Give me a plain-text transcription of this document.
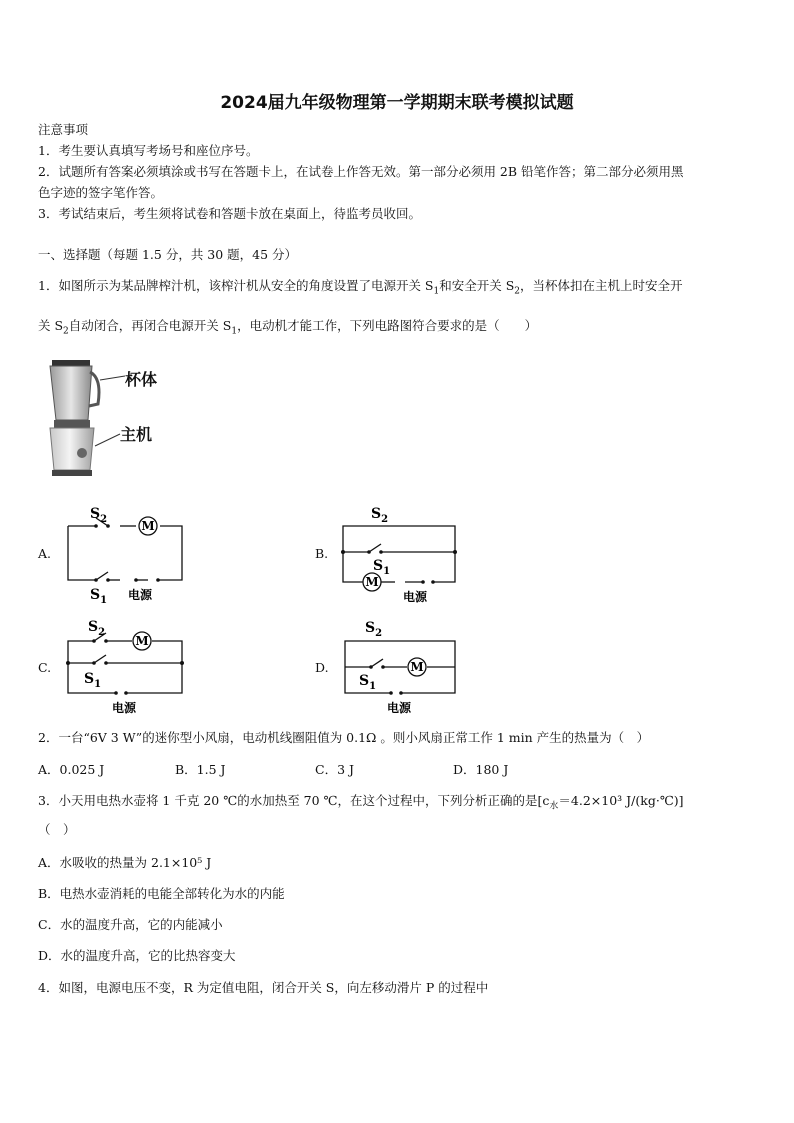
2024届九年级物理第一学期期末联考模拟试题
注意事项
1．考生要认真填写考场号和座位序号。
2．试题所有答案必须填涂或书写在答题卡上，在试卷上作答无效。第一部分必须用 2B 铅笔作答；第二部分必须用黑
色字迹的签字笔作答。
3．考试结束后，考生须将试卷和答题卡放在桌面上，待监考员收回。
一、选择题（每题 1.5 分，共 30 题，45 分）
1．如图所示为某品牌榨汁机，该榨汁机从安全的角度设置了电源开关 $S_1$和安全开关 $S_2$，当杯体扣在主机上时安全开
关 $S_2$自动闭合，再闭合电源开关 $S_1$，电动机才能工作，下列电路图符合要求的是（　　）
杯体
主机
A.
M
$S_2$
$S_1$ 电源
B.
M
$S_2$
$S_1$
电源
C.
M
$S_2$
$S_1$
电源
D.	M
$S_2$
$S_1$
电源
2．一台“6V 3 W”的迷你型小风扇，电动机线圈阻值为 0.1Ω 。则小风扇正常工作 1 min 产生的热量为（　）
A．0.025 J	B．1.5 J	C．3 J	D．180 J
3．小天用电热水壶将 1 千克 20 ℃的水加热至 70 ℃，在这个过程中，下列分析正确的是[$c_水=4.2\times 10^3$ J/(kg·℃)]
（　）
A．水吸收的热量为 2.1×10⁵ J
B．电热水壶消耗的电能全部转化为水的内能
C．水的温度升高，它的内能减小
D．水的温度升高，它的比热容变大
4．如图，电源电压不变，R 为定值电阻，闭合开关 S，向左移动滑片 P 的过程中
